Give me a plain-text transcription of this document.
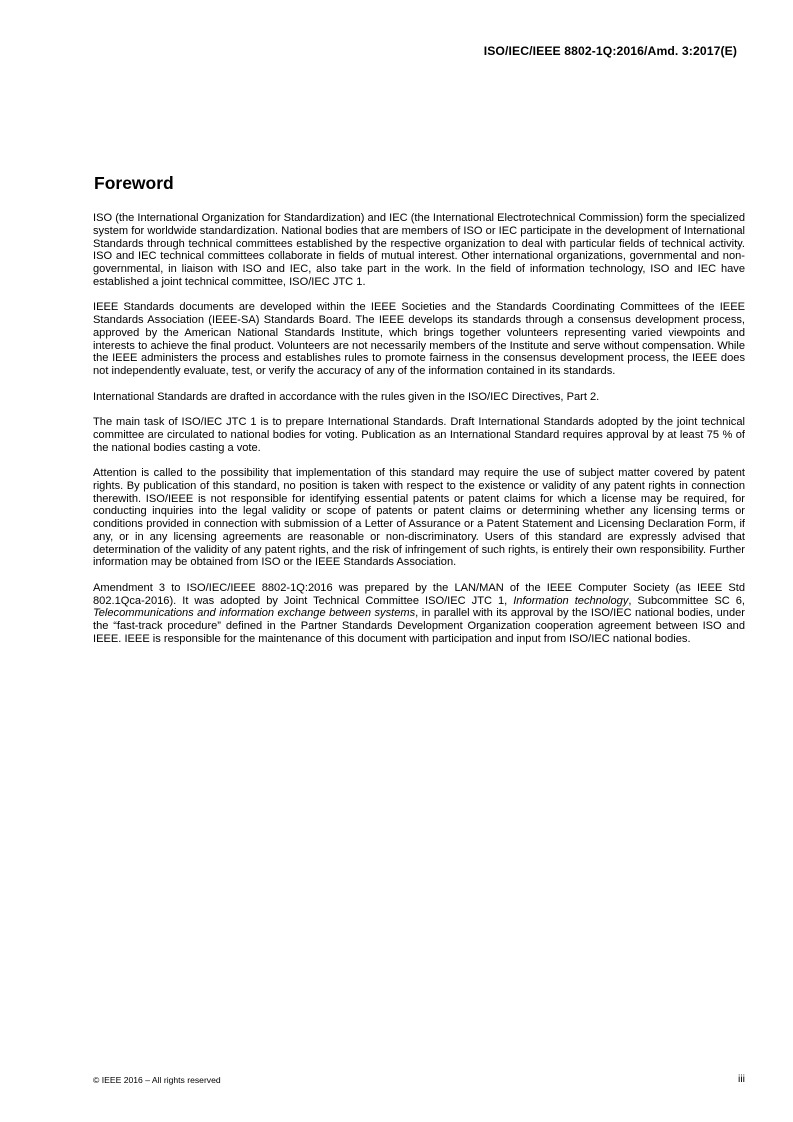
ISO/IEC/IEEE 8802-1Q:2016/Amd. 3:2017(E)
Foreword

ISO (the International Organization for Standardization) and IEC (the International Electrotechnical Commission) form the specialized system for worldwide standardization. National bodies that are members of ISO or IEC participate in the development of International Standards through technical committees established by the respective organization to deal with particular fields of technical activity. ISO and IEC technical committees collaborate in fields of mutual interest. Other international organizations, governmental and non-governmental, in liaison with ISO and IEC, also take part in the work. In the field of information technology, ISO and IEC have established a joint technical committee, ISO/IEC JTC 1.

IEEE Standards documents are developed within the IEEE Societies and the Standards Coordinating Committees of the IEEE Standards Association (IEEE-SA) Standards Board. The IEEE develops its standards through a consensus development process, approved by the American National Standards Institute, which brings together volunteers representing varied viewpoints and interests to achieve the final product. Volunteers are not necessarily members of the Institute and serve without compensation. While the IEEE administers the process and establishes rules to promote fairness in the consensus development process, the IEEE does not independently evaluate, test, or verify the accuracy of any of the information contained in its standards.

International Standards are drafted in accordance with the rules given in the ISO/IEC Directives, Part 2.

The main task of ISO/IEC JTC 1 is to prepare International Standards. Draft International Standards adopted by the joint technical committee are circulated to national bodies for voting. Publication as an International Standard requires approval by at least 75 % of the national bodies casting a vote.

Attention is called to the possibility that implementation of this standard may require the use of subject matter covered by patent rights. By publication of this standard, no position is taken with respect to the existence or validity of any patent rights in connection therewith. ISO/IEEE is not responsible for identifying essential patents or patent claims for which a license may be required, for conducting inquiries into the legal validity or scope of patents or patent claims or determining whether any licensing terms or conditions provided in connection with submission of a Letter of Assurance or a Patent Statement and Licensing Declaration Form, if any, or in any licensing agreements are reasonable or non-discriminatory. Users of this standard are expressly advised that determination of the validity of any patent rights, and the risk of infringement of such rights, is entirely their own responsibility. Further information may be obtained from ISO or the IEEE Standards Association.

Amendment 3 to ISO/IEC/IEEE 8802-1Q:2016 was prepared by the LAN/MAN of the IEEE Computer Society (as IEEE Std 802.1Qca-2016). It was adopted by Joint Technical Committee ISO/IEC JTC 1, Information technology, Subcommittee SC 6, Telecommunications and information exchange between systems, in parallel with its approval by the ISO/IEC national bodies, under the “fast-track procedure” defined in the Partner Standards Development Organization cooperation agreement between ISO and IEEE. IEEE is responsible for the maintenance of this document with participation and input from ISO/IEC national bodies.

© IEEE 2016 – All rights reserved	iii
